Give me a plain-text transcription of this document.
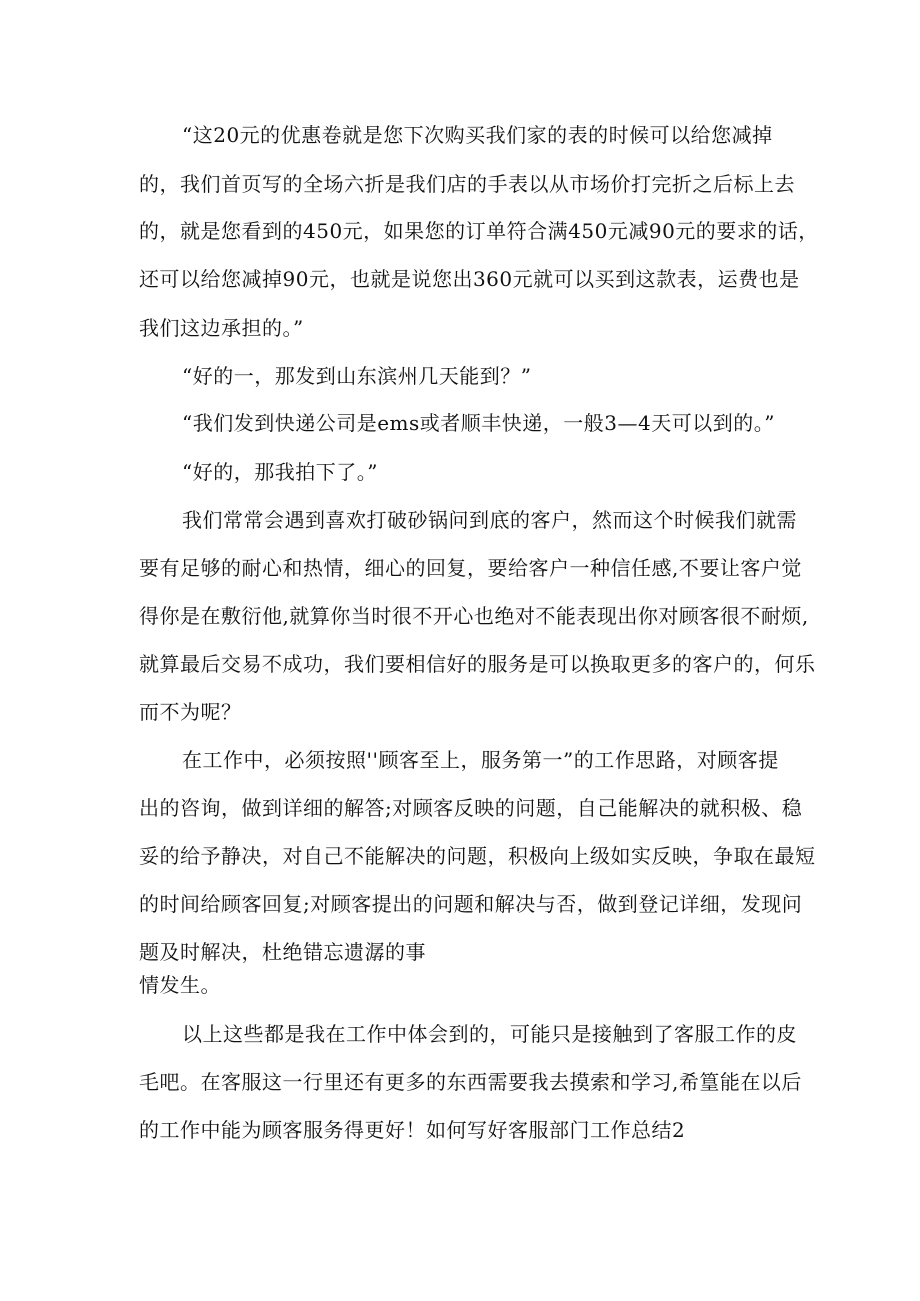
“这20元的优惠卷就是您下次购买我们家的表的时候可以给您减掉
的，我们首页写的全场六折是我们店的手表以从市场价打完折之后标上去
的，就是您看到的450元，如果您的订单符合满450元减90元的要求的话，
还可以给您减掉90元，也就是说您出360元就可以买到这款表，运费也是
我们这边承担的。”
“好的一，那发到山东滨州几天能到？”
“我们发到快递公司是ems或者顺丰快递，一般3—4天可以到的。”
“好的，那我拍下了。”
我们常常会遇到喜欢打破砂锅问到底的客户，然而这个时候我们就需
要有足够的耐心和热情，细心的回复，要给客户一种信任感,不要让客户觉
得你是在敷衍他,就算你当时很不开心也绝对不能表现出你对顾客很不耐烦,
就算最后交易不成功，我们要相信好的服务是可以换取更多的客户的，何乐
而不为呢？
在工作中，必须按照''顾客至上，服务第一”的工作思路，对顾客提
出的咨询，做到详细的解答;对顾客反映的问题，自己能解决的就积极、稳
妥的给予静决，对自己不能解决的问题，积极向上级如实反映，争取在最短
的时间给顾客回复;对顾客提出的问题和解决与否，做到登记详细，发现问
题及时解决，杜绝错忘遗潺的事
情发生。
以上这些都是我在工作中体会到的，可能只是接触到了客服工作的皮
毛吧。在客服这一行里还有更多的东西需要我去摸索和学习,希篁能在以后
的工作中能为顾客服务得更好！如何写好客服部门工作总结2
